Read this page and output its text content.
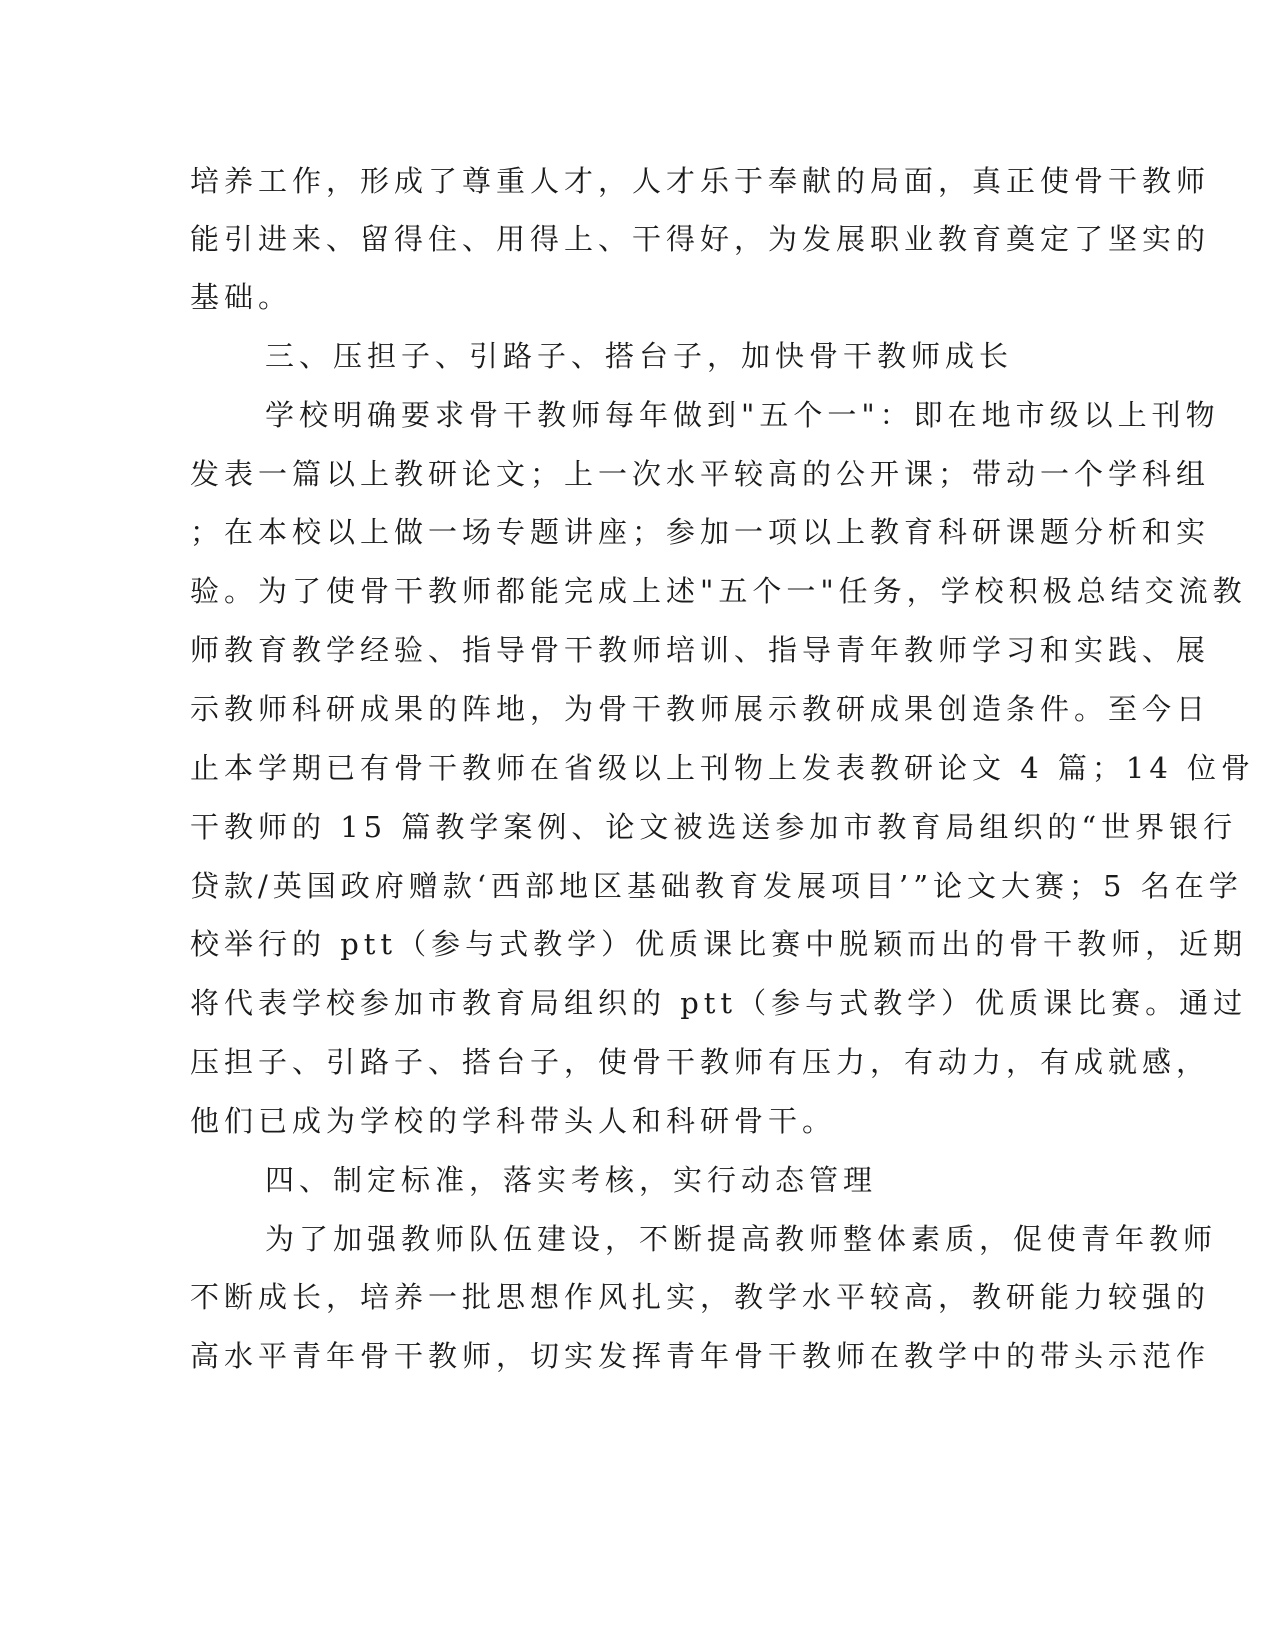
培养工作，形成了尊重人才，人才乐于奉献的局面，真正使骨干教师
能引进来、留得住、用得上、干得好，为发展职业教育奠定了坚实的
基础。
三、压担子、引路子、搭台子，加快骨干教师成长
学校明确要求骨干教师每年做到"五个一"：即在地市级以上刊物
发表一篇以上教研论文；上一次水平较高的公开课；带动一个学科组
；在本校以上做一场专题讲座；参加一项以上教育科研课题分析和实
验。为了使骨干教师都能完成上述"五个一"任务，学校积极总结交流教
师教育教学经验、指导骨干教师培训、指导青年教师学习和实践、展
示教师科研成果的阵地，为骨干教师展示教研成果创造条件。至今日
止本学期已有骨干教师在省级以上刊物上发表教研论文 4 篇；14 位骨
干教师的 15 篇教学案例、论文被选送参加市教育局组织的“世界银行
贷款/英国政府赠款‘西部地区基础教育发展项目’”论文大赛；5 名在学
校举行的 ptt（参与式教学）优质课比赛中脱颖而出的骨干教师，近期
将代表学校参加市教育局组织的 ptt（参与式教学）优质课比赛。通过
压担子、引路子、搭台子，使骨干教师有压力，有动力，有成就感，
他们已成为学校的学科带头人和科研骨干。
四、制定标准，落实考核，实行动态管理
为了加强教师队伍建设，不断提高教师整体素质，促使青年教师
不断成长，培养一批思想作风扎实，教学水平较高，教研能力较强的
高水平青年骨干教师，切实发挥青年骨干教师在教学中的带头示范作
